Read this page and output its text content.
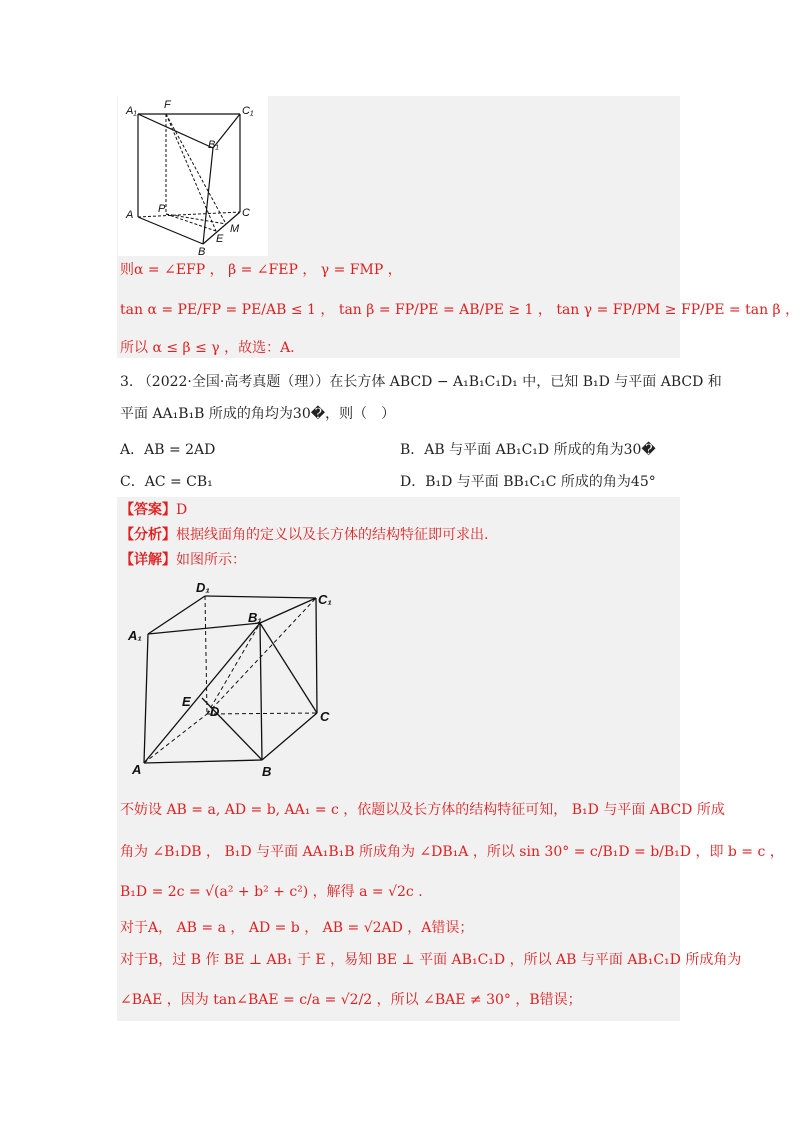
A₁ F	C₁
B₁
A P	C
M
E
B
则α = ∠EFP ， β = ∠FEP ， γ = FMP ，
tan α = PE/FP = PE/AB ≤ 1 ， tan β = FP/PE = AB/PE ≥ 1 ， tan γ = FP/PM ≥ FP/PE = tan β ，
所以 α ≤ β ≤ γ ，故选：A.
3. （2022·全国·高考真题（理））在长方体 ABCD − A₁B₁C₁D₁ 中，已知 B₁D 与平面 ABCD 和
平面 AA₁B₁B 所成的角均为30�，则（　）
A．AB = 2AD	B．AB 与平面 AB₁C₁D 所成的角为30�
C．AC = CB₁	D．B₁D 与平面 BB₁C₁C 所成的角为45°
【答案】D
【分析】根据线面角的定义以及长方体的结构特征即可求出.
【详解】如图所示：
D₁
C₁
A₁
B₁
E
D	C
A	B
不妨设 AB = a, AD = b, AA₁ = c ，依题以及长方体的结构特征可知， B₁D 与平面 ABCD 所成
角为 ∠B₁DB ， B₁D 与平面 AA₁B₁B 所成角为 ∠DB₁A ，所以 sin 30° = c/B₁D = b/B₁D ，即 b = c ，
B₁D = 2c = √(a² + b² + c²) ，解得 a = √2c .
对于A， AB = a ， AD = b ， AB = √2AD ，A错误；
对于B，过 B 作 BE ⊥ AB₁ 于 E ，易知 BE ⊥ 平面 AB₁C₁D ，所以 AB 与平面 AB₁C₁D 所成角为
∠BAE ，因为 tan∠BAE = c/a = √2/2 ，所以 ∠BAE ≠ 30° ，B错误；
